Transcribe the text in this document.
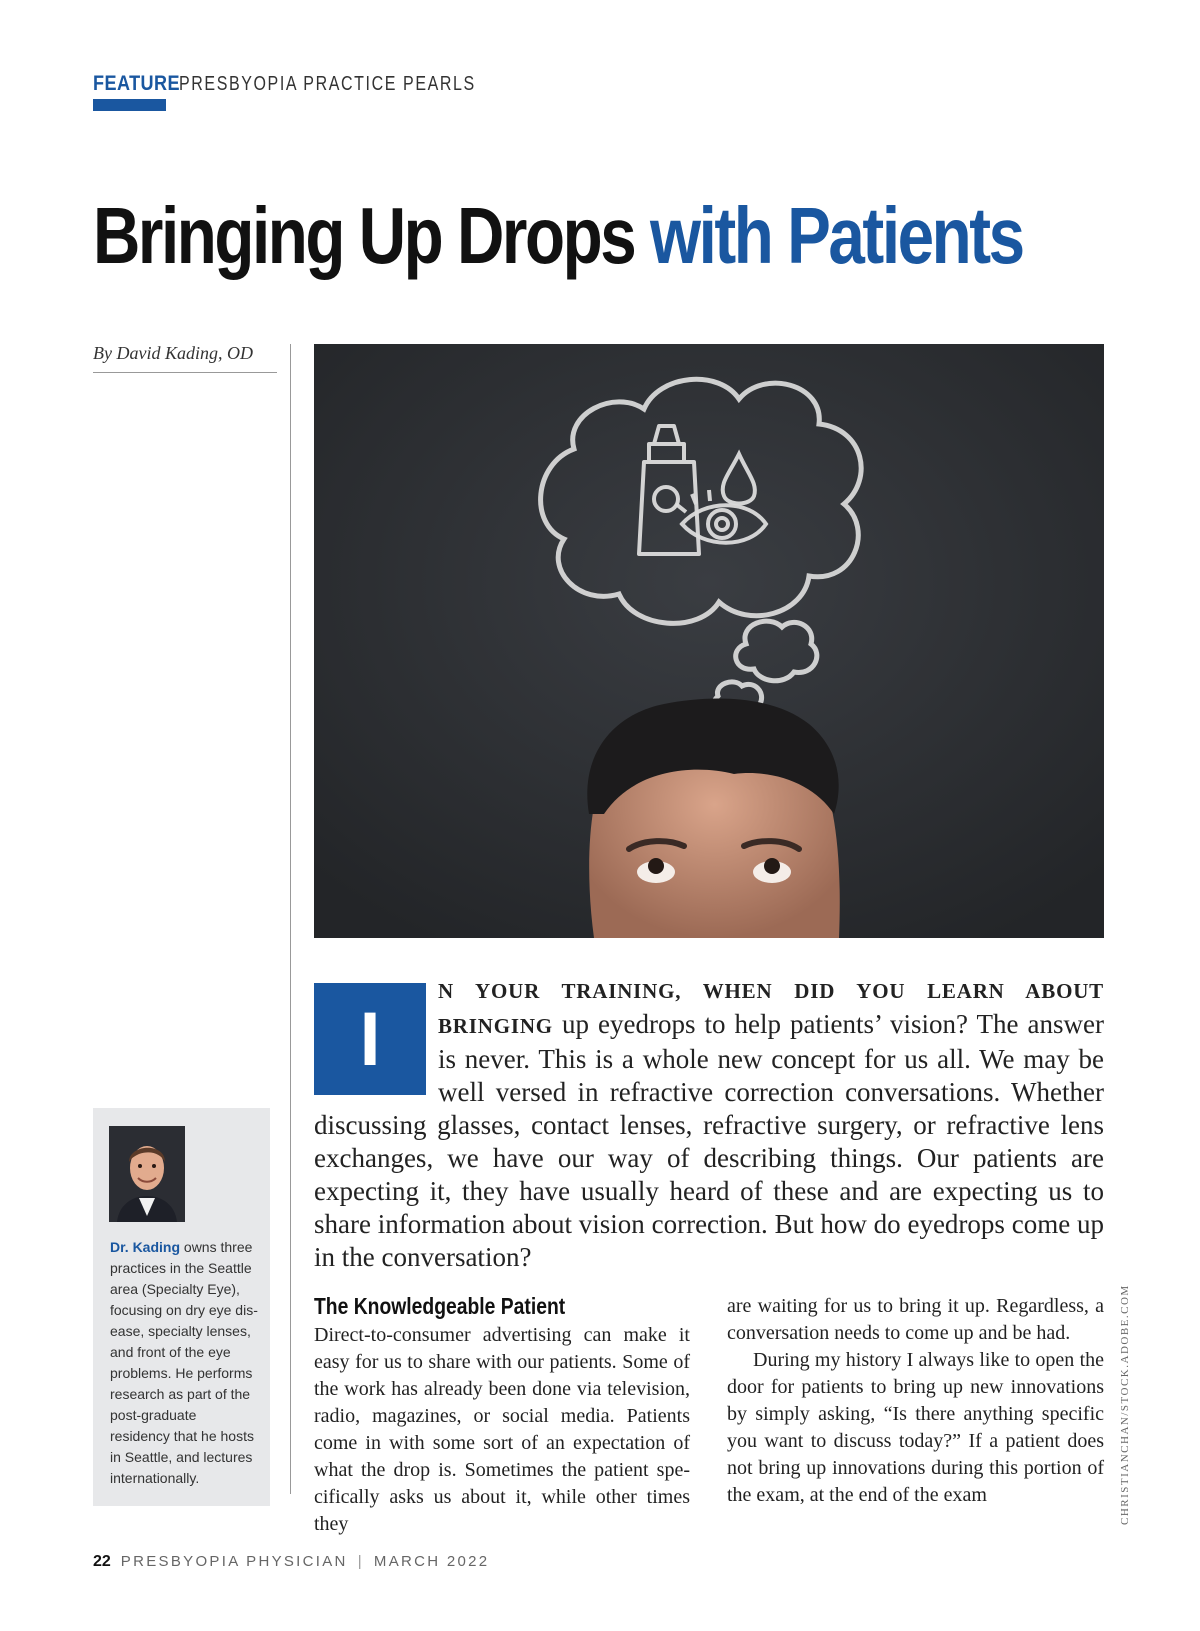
FEATURE PRESBYOPIA PRACTICE PEARLS
Bringing Up Drops with Patients
By David Kading, OD
I

N YOUR TRAINING, WHEN DID YOU LEARN ABOUT BRINGING up eyedrops to help patients’ vision? The answer is never. This is a whole new concept for us all. We may be well versed in refractive correction conversations. Whether discussing glasses, contact lenses, refractive surgery, or refractive lens exchanges, we have our way of describing things. Our patients are expecting it, they have usually heard of these and are expecting us to share information about vision correction. But how do eyedrops come up in the conversation?

The Knowledgeable Patient

Direct-to-consumer advertising can make it easy for us to share with our patients. Some of the work has already been done via television, radio, magazines, or social media. Patients come in with some sort of an expectation of what the drop is. Sometimes the patient specifically asks us about it, while other times they

are waiting for us to bring it up. Regardless, a conversation needs to come up and be had.

During my history I always like to open the door for patients to bring up new innovations by simply asking, “Is there anything specific you want to discuss today?” If a patient does not bring up innovations during this portion of the exam, at the end of the exam

Dr. Kading owns three practices in the Seattle area (Specialty Eye), focusing on dry eye disease, specialty lenses, and front of the eye problems. He performs research as part of the post-graduate residency that he hosts in Seattle, and lectures internationally.	CHRISTIANCHAN/STOCK.ADOBE.COM
22 PRESBYOPIA PHYSICIAN | MARCH 2022
